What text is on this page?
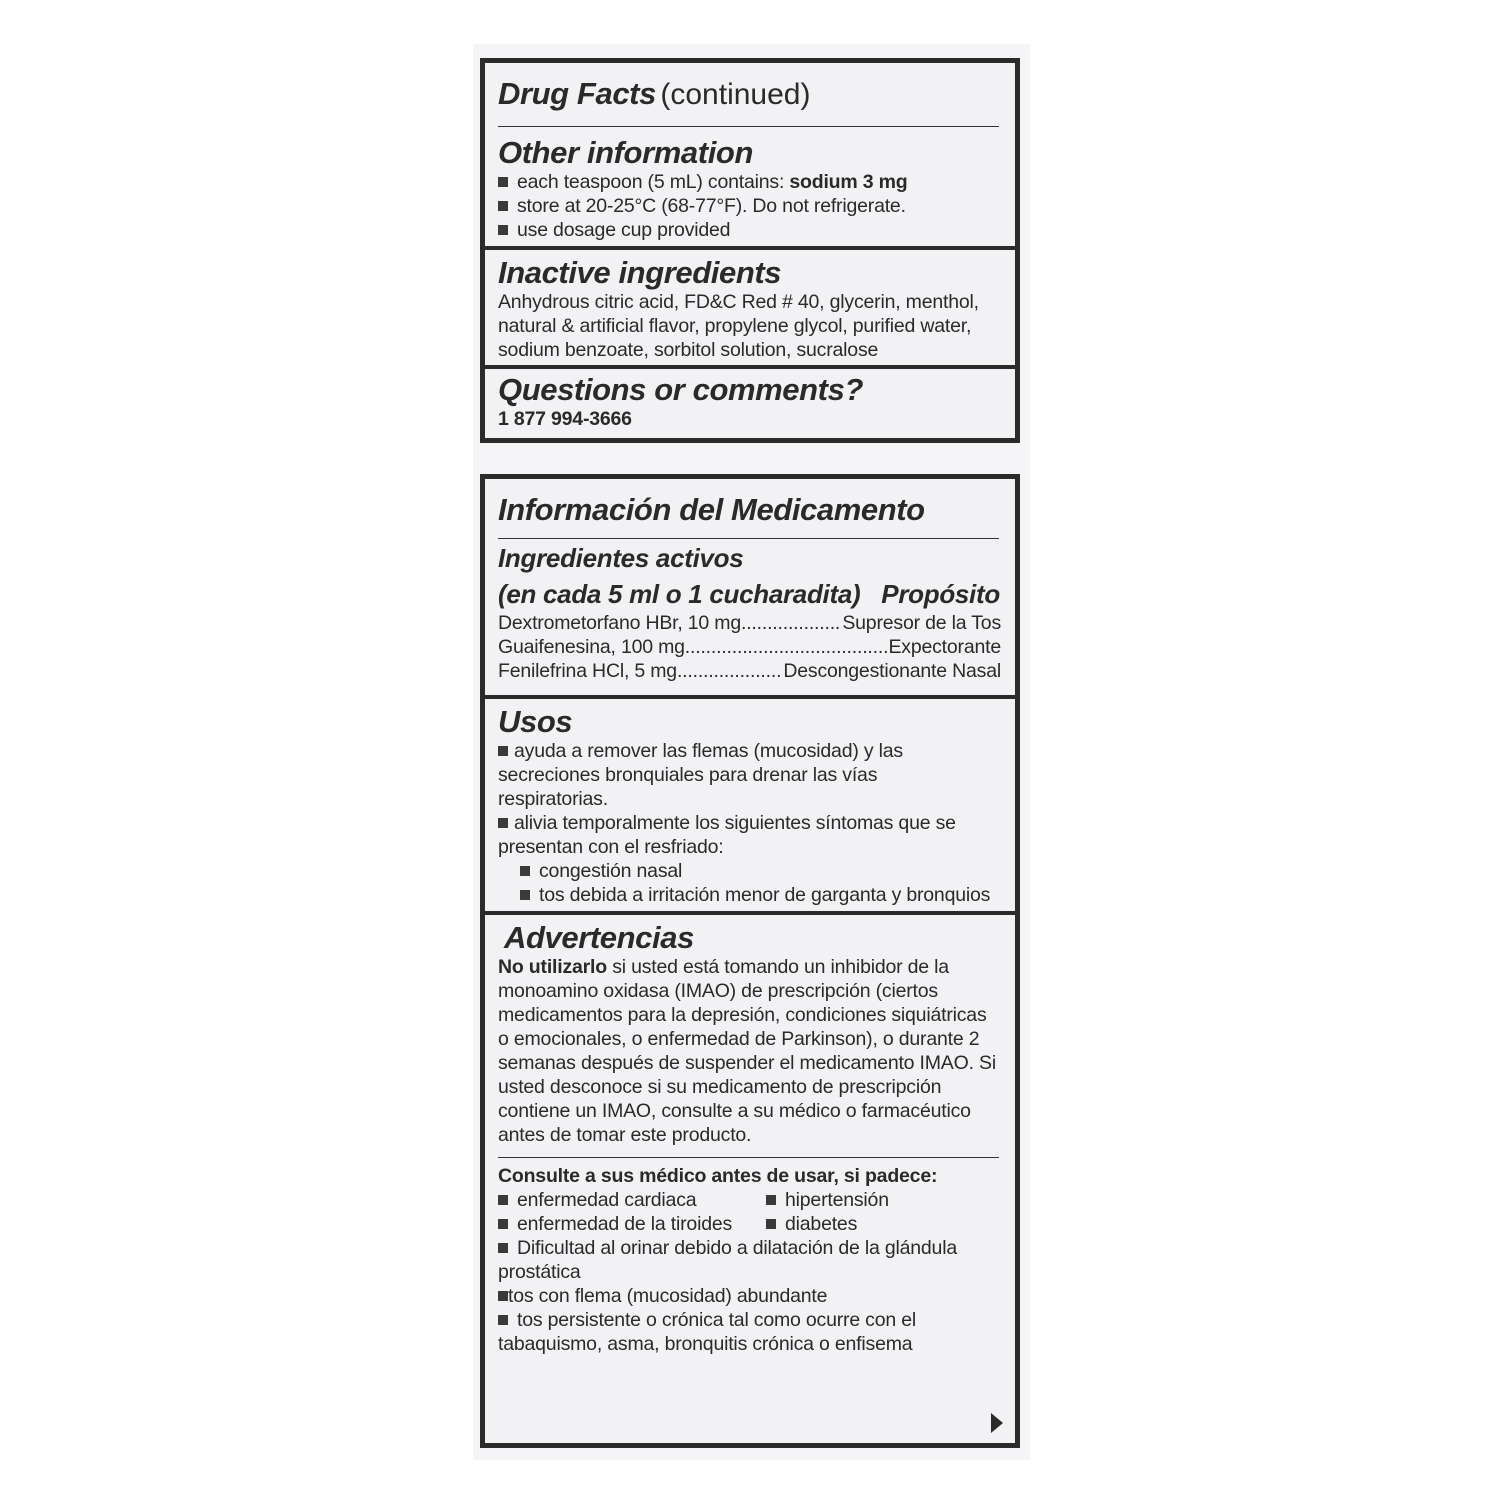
Drug Facts (continued)
Other information
each teaspoon (5 mL) contains: sodium 3 mg
store at 20-25°C (68-77°F). Do not refrigerate.
use dosage cup provided
Inactive ingredients
Anhydrous citric acid, FD&C Red # 40, glycerin, menthol,
natural & artificial flavor, propylene glycol, purified water,
sodium benzoate, sorbitol solution, sucralose
Questions or comments?
1 877 994-3666
Información del Medicamento
Ingredientes activos
(en cada 5 ml o 1 cucharadita) Propósito
Dextrometorfano HBr, 10 mg .....	Supresor de la Tos
Guaifenesina, 100 mg .....	Expectorante
Fenilefrina HCl, 5 mg .....	Descongestionante Nasal
Usos
ayuda a remover las flemas (mucosidad) y las
secreciones bronquiales para drenar las vías
respiratorias.
alivia temporalmente los siguientes síntomas que se
presentan con el resfriado:
congestión nasal
tos debida a irritación menor de garganta y bronquios
Advertencias
No utilizarlo si usted está tomando un inhibidor de la
monoamino oxidasa (IMAO) de prescripción (ciertos
medicamentos para la depresión, condiciones siquiátricas
o emocionales, o enfermedad de Parkinson), o durante 2
semanas después de suspender el medicamento IMAO. Si
usted desconoce si su medicamento de prescripción
contiene un IMAO, consulte a su médico o farmacéutico
antes de tomar este producto.
Consulte a sus médico antes de usar, si padece:
enfermedad cardiaca	hipertensión
enfermedad de la tiroides	diabetes
Dificultad al orinar debido a dilatación de la glándula
prostática
tos con flema (mucosidad) abundante
tos persistente o crónica tal como ocurre con el
tabaquismo, asma, bronquitis crónica o enfisema
